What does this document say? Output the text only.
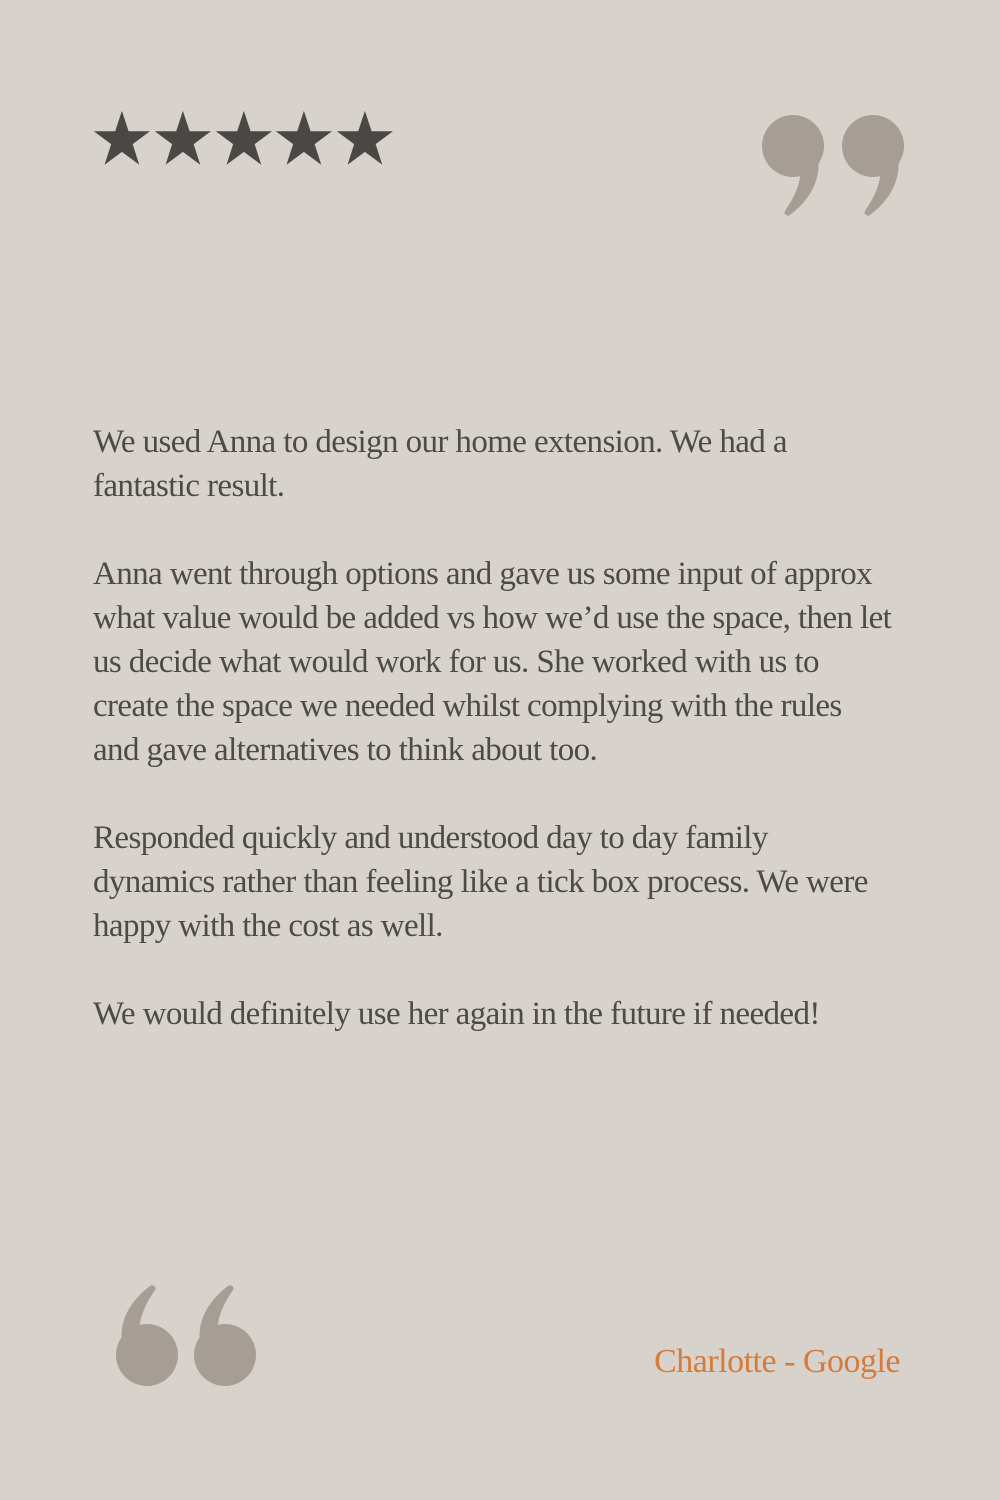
We used Anna to design our home extension. We had a fantastic result.

Anna went through options and gave us some input of approx what value would be added vs how we’d use the space, then let us decide what would work for us. She worked with us to create the space we needed whilst complying with the rules and gave alternatives to think about too.

Responded quickly and understood day to day family dynamics rather than feeling like a tick box process. We were happy with the cost as well.

We would definitely use her again in the future if needed!

Charlotte - Google
